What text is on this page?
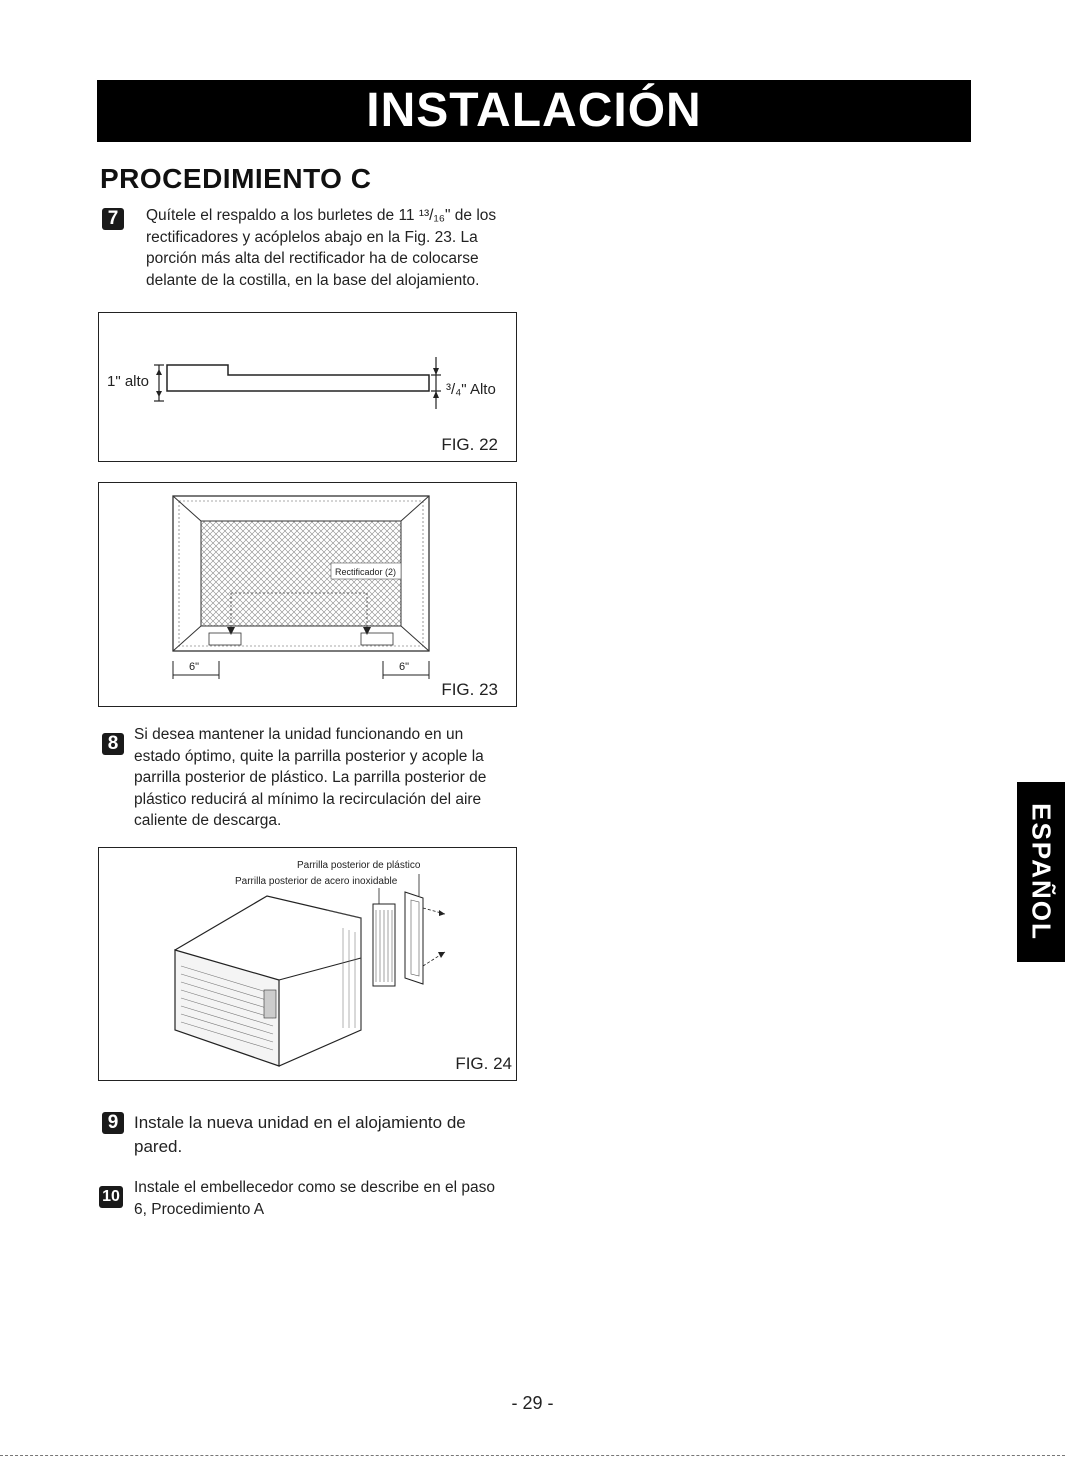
INSTALACIÓN
PROCEDIMIENTO C
7	Quítele el respaldo a los burletes de 11 ¹³/₁₆" de los
rectificadores y acóplelos abajo en la Fig. 23. La
porción más alta del rectificador ha de colocarse
delante de la costilla, en la base del alojamiento.
1" alto	³/₄" Alto
FIG. 22
Rectificador (2)
6"	6"
FIG. 23
8	Si desea mantener la unidad funcionando en un
estado óptimo, quite la parrilla posterior y acople la
parrilla posterior de plástico. La parrilla posterior de
plástico reducirá al mínimo la recirculación del aire
caliente de descarga.
Parrilla posterior de plástico
Parrilla posterior de acero inoxidable
FIG. 24
9 Instale la nueva unidad en el alojamiento de
pared.
10
Instale el embellecedor como se describe en el paso
6, Procedimiento A
ESPAÑOL
- 29 -
